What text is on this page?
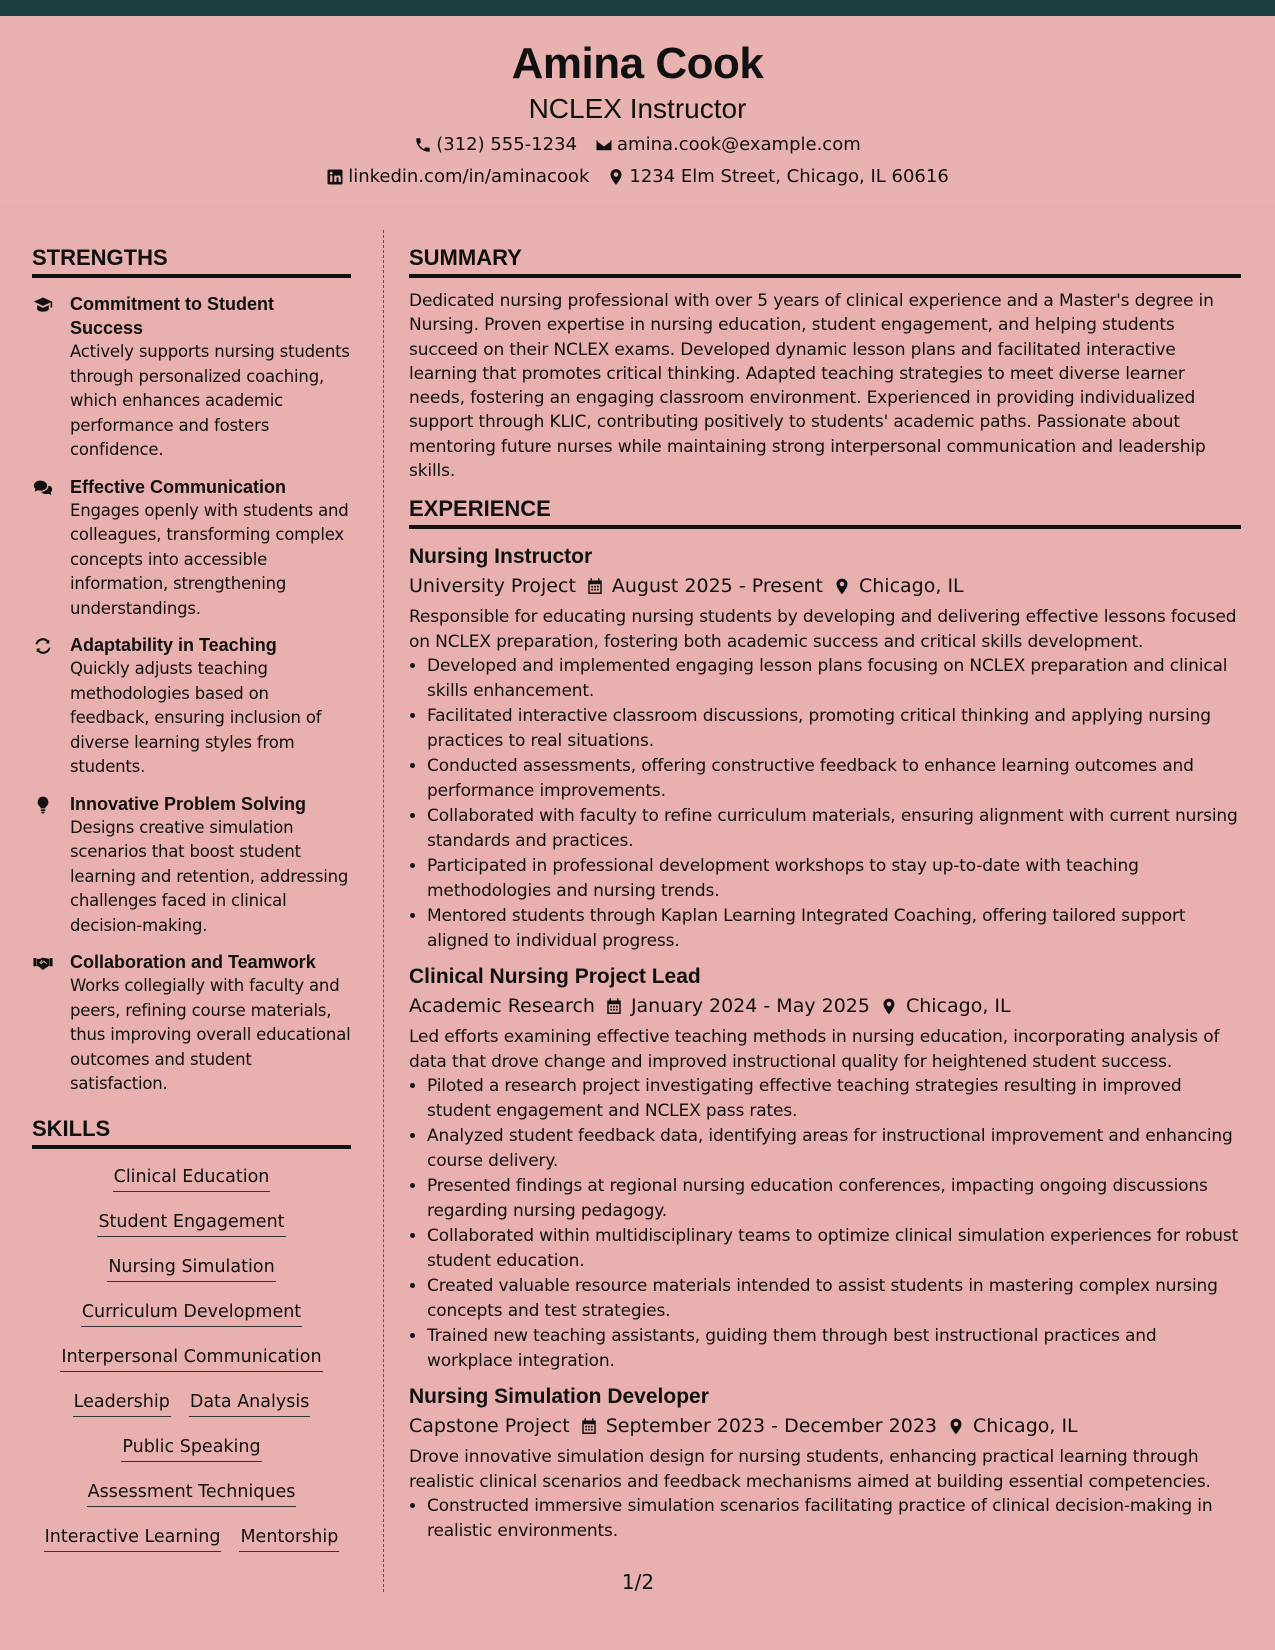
Amina Cook
NCLEX Instructor
(312) 555-1234 amina.cook@example.com
linkedin.com/in/aminacook 1234 Elm Street, Chicago, IL 60616
STRENGTHS
Commitment to Student Success
Actively supports nursing students through personalized coaching, which enhances academic performance and fosters confidence.
Effective Communication
Engages openly with students and colleagues, transforming complex concepts into accessible information, strengthening understandings.
Adaptability in Teaching
Quickly adjusts teaching methodologies based on feedback, ensuring inclusion of diverse learning styles from students.
Innovative Problem Solving
Designs creative simulation scenarios that boost student learning and retention, addressing challenges faced in clinical decision-making.
Collaboration and Teamwork
Works collegially with faculty and peers, refining course materials, thus improving overall educational outcomes and student satisfaction.
SKILLS
Clinical Education
Student Engagement
Nursing Simulation
Curriculum Development
Interpersonal Communication
Leadership Data Analysis
Public Speaking
Assessment Techniques
Interactive Learning Mentorship
SUMMARY
Dedicated nursing professional with over 5 years of clinical experience and a Master's degree in Nursing. Proven expertise in nursing education, student engagement, and helping students succeed on their NCLEX exams. Developed dynamic lesson plans and facilitated interactive learning that promotes critical thinking. Adapted teaching strategies to meet diverse learner needs, fostering an engaging classroom environment. Experienced in providing individualized support through KLIC, contributing positively to students' academic paths. Passionate about mentoring future nurses while maintaining strong interpersonal communication and leadership skills.
EXPERIENCE
Nursing Instructor
University Project August 2025 - Present Chicago, IL
Responsible for educating nursing students by developing and delivering effective lessons focused on NCLEX preparation, fostering both academic success and critical skills development.
• Developed and implemented engaging lesson plans focusing on NCLEX preparation and clinical skills enhancement.
• Facilitated interactive classroom discussions, promoting critical thinking and applying nursing practices to real situations.
• Conducted assessments, offering constructive feedback to enhance learning outcomes and performance improvements.
• Collaborated with faculty to refine curriculum materials, ensuring alignment with current nursing standards and practices.
• Participated in professional development workshops to stay up-to-date with teaching methodologies and nursing trends.
• Mentored students through Kaplan Learning Integrated Coaching, offering tailored support aligned to individual progress.
Clinical Nursing Project Lead
Academic Research January 2024 - May 2025 Chicago, IL
Led efforts examining effective teaching methods in nursing education, incorporating analysis of data that drove change and improved instructional quality for heightened student success.
• Piloted a research project investigating effective teaching strategies resulting in improved student engagement and NCLEX pass rates.
• Analyzed student feedback data, identifying areas for instructional improvement and enhancing course delivery.
• Presented findings at regional nursing education conferences, impacting ongoing discussions regarding nursing pedagogy.
• Collaborated within multidisciplinary teams to optimize clinical simulation experiences for robust student education.
• Created valuable resource materials intended to assist students in mastering complex nursing concepts and test strategies.
• Trained new teaching assistants, guiding them through best instructional practices and workplace integration.
Nursing Simulation Developer
Capstone Project September 2023 - December 2023 Chicago, IL
Drove innovative simulation design for nursing students, enhancing practical learning through realistic clinical scenarios and feedback mechanisms aimed at building essential competencies.
• Constructed immersive simulation scenarios facilitating practice of clinical decision-making in realistic environments.
1/2
